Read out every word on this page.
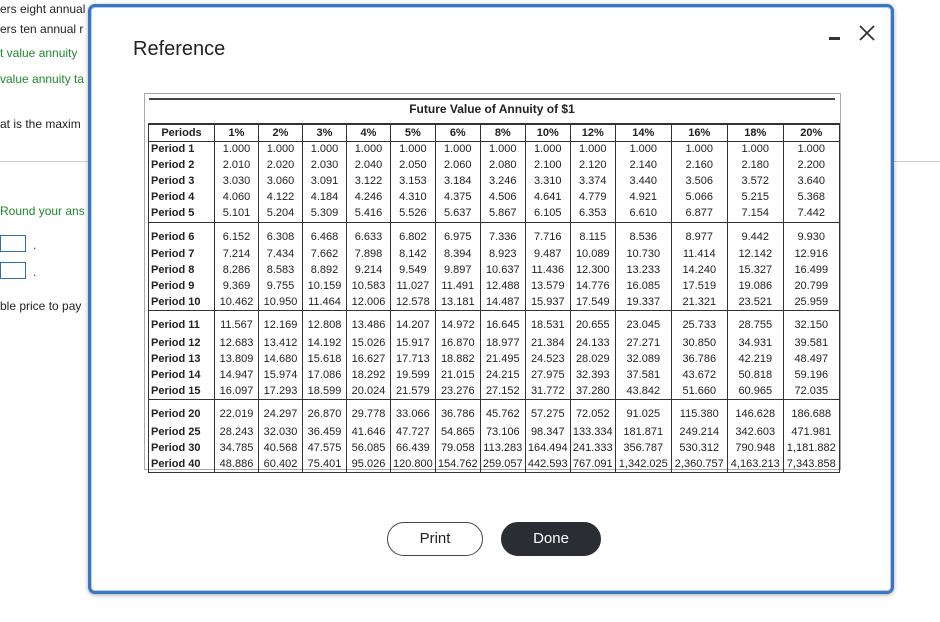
ers eight annual
ers ten annual r
t value annuity
value annuity ta
at is the maxim
Round your ans
.
.
ble price to pay
Reference
Future Value of Annuity of $1
Periods	1%	2%	3%	4%	5%	6%	8%	10%	12%	14%	16%	18%	20%
Period 1	1.000	1.000	1.000	1.000	1.000	1.000	1.000	1.000	1.000	1.000	1.000	1.000	1.000
Period 2	2.010	2.020	2.030	2.040	2.050	2.060	2.080	2.100	2.120	2.140	2.160	2.180	2.200
Period 3	3.030	3.060	3.091	3.122	3.153	3.184	3.246	3.310	3.374	3.440	3.506	3.572	3.640
Period 4	4.060	4.122	4.184	4.246	4.310	4.375	4.506	4.641	4.779	4.921	5.066	5.215	5.368
Period 5	5.101	5.204	5.309	5.416	5.526	5.637	5.867	6.105	6.353	6.610	6.877	7.154	7.442
Period 6	6.152	6.308	6.468	6.633	6.802	6.975	7.336	7.716	8.115	8.536	8.977	9.442	9.930
Period 7	7.214	7.434	7.662	7.898	8.142	8.394	8.923	9.487	10.089	10.730	11.414	12.142	12.916
Period 8	8.286	8.583	8.892	9.214	9.549	9.897	10.637	11.436	12.300	13.233	14.240	15.327	16.499
Period 9	9.369	9.755	10.159	10.583	11.027	11.491	12.488	13.579	14.776	16.085	17.519	19.086	20.799
Period 10	10.462	10.950	11.464	12.006	12.578	13.181	14.487	15.937	17.549	19.337	21.321	23.521	25.959
Period 11	11.567	12.169	12.808	13.486	14.207	14.972	16.645	18.531	20.655	23.045	25.733	28.755	32.150
Period 12	12.683	13.412	14.192	15.026	15.917	16.870	18.977	21.384	24.133	27.271	30.850	34.931	39.581
Period 13	13.809	14.680	15.618	16.627	17.713	18.882	21.495	24.523	28.029	32.089	36.786	42.219	48.497
Period 14	14.947	15.974	17.086	18.292	19.599	21.015	24.215	27.975	32.393	37.581	43.672	50.818	59.196
Period 15	16.097	17.293	18.599	20.024	21.579	23.276	27.152	31.772	37.280	43.842	51.660	60.965	72.035
Period 20	22.019	24.297	26.870	29.778	33.066	36.786	45.762	57.275	72.052	91.025	115.380	146.628	186.688
Period 25	28.243	32.030	36.459	41.646	47.727	54.865	73.106	98.347	133.334	181.871	249.214	342.603	471.981
Period 30	34.785	40.568	47.575	56.085	66.439	79.058	113.283	164.494	241.333	356.787	530.312	790.948	1,181.882
Period 40	48.886	60.402	75.401	95.026	120.800	154.762	259.057	442.593	767.091	1,342.025	2,360.757	4,163.213	7,343.858
Print	Done
